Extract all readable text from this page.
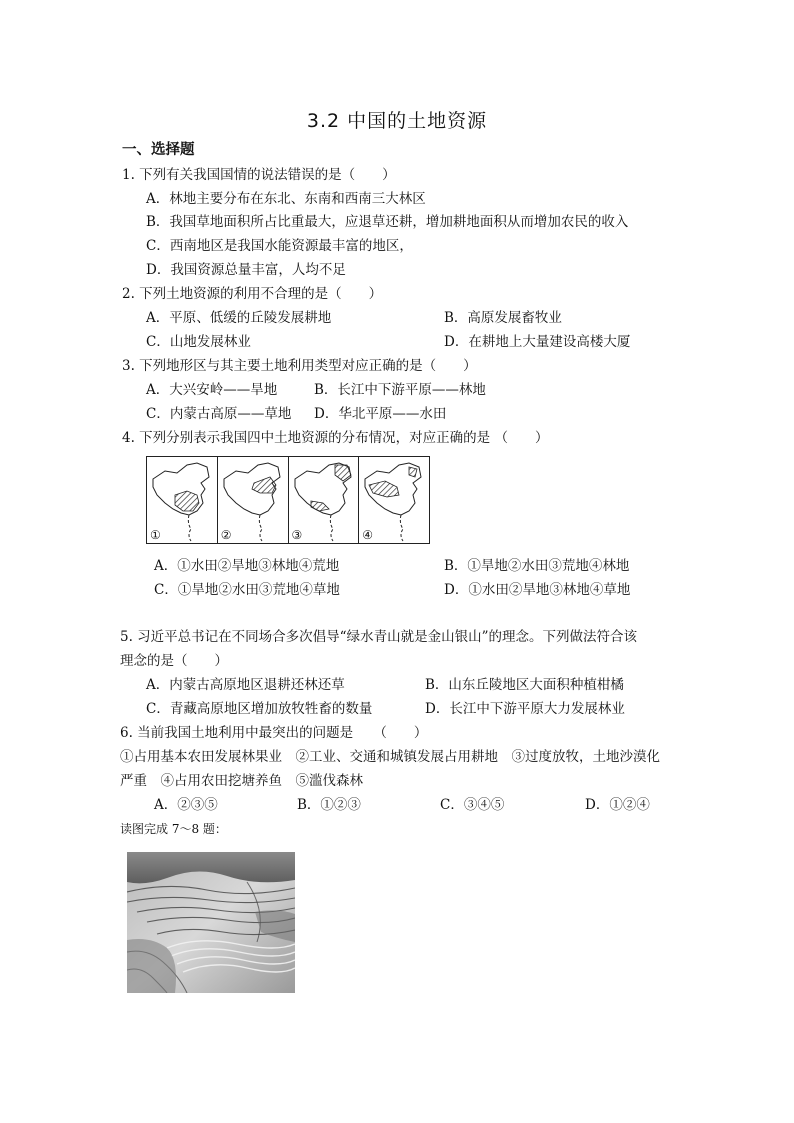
3.2 中国的土地资源
一、选择题
1. 下列有关我国国情的说法错误的是（　　）
A．林地主要分布在东北、东南和西南三大林区
B．我国草地面积所占比重最大，应退草还耕，增加耕地面积从而增加农民的收入
C．西南地区是我国水能资源最丰富的地区，
D．我国资源总量丰富，人均不足
2. 下列土地资源的利用不合理的是（　　）
A．平原、低缓的丘陵发展耕地	B．高原发展畜牧业
C．山地发展林业	D．在耕地上大量建设高楼大厦
3. 下列地形区与其主要土地利用类型对应正确的是（　　）
A．大兴安岭——旱地	B．长江中下游平原——林地
C．内蒙古高原——草地 D．华北平原——水田
4. 下列分别表示我国四中土地资源的分布情况，对应正确的是 （　　）
①	②	③	④
A．①水田②旱地③林地④荒地	B．①旱地②水田③荒地④林地
C．①旱地②水田③荒地④草地	D．①水田②旱地③林地④草地
5. 习近平总书记在不同场合多次倡导“绿水青山就是金山银山”的理念。下列做法符合该
理念的是（　　）
A．内蒙古高原地区退耕还林还草	B．山东丘陵地区大面积种植柑橘
C．青藏高原地区增加放牧牲畜的数量	D．长江中下游平原大力发展林业
6. 当前我国土地利用中最突出的问题是　　（　　）
①占用基本农田发展林果业　②工业、交通和城镇发展占用耕地　③过度放牧，土地沙漠化
严重　④占用农田挖塘养鱼　⑤滥伐森林
A．②③⑤	B．①②③	C．③④⑤	D．①②④
读图完成 7～8 题：
